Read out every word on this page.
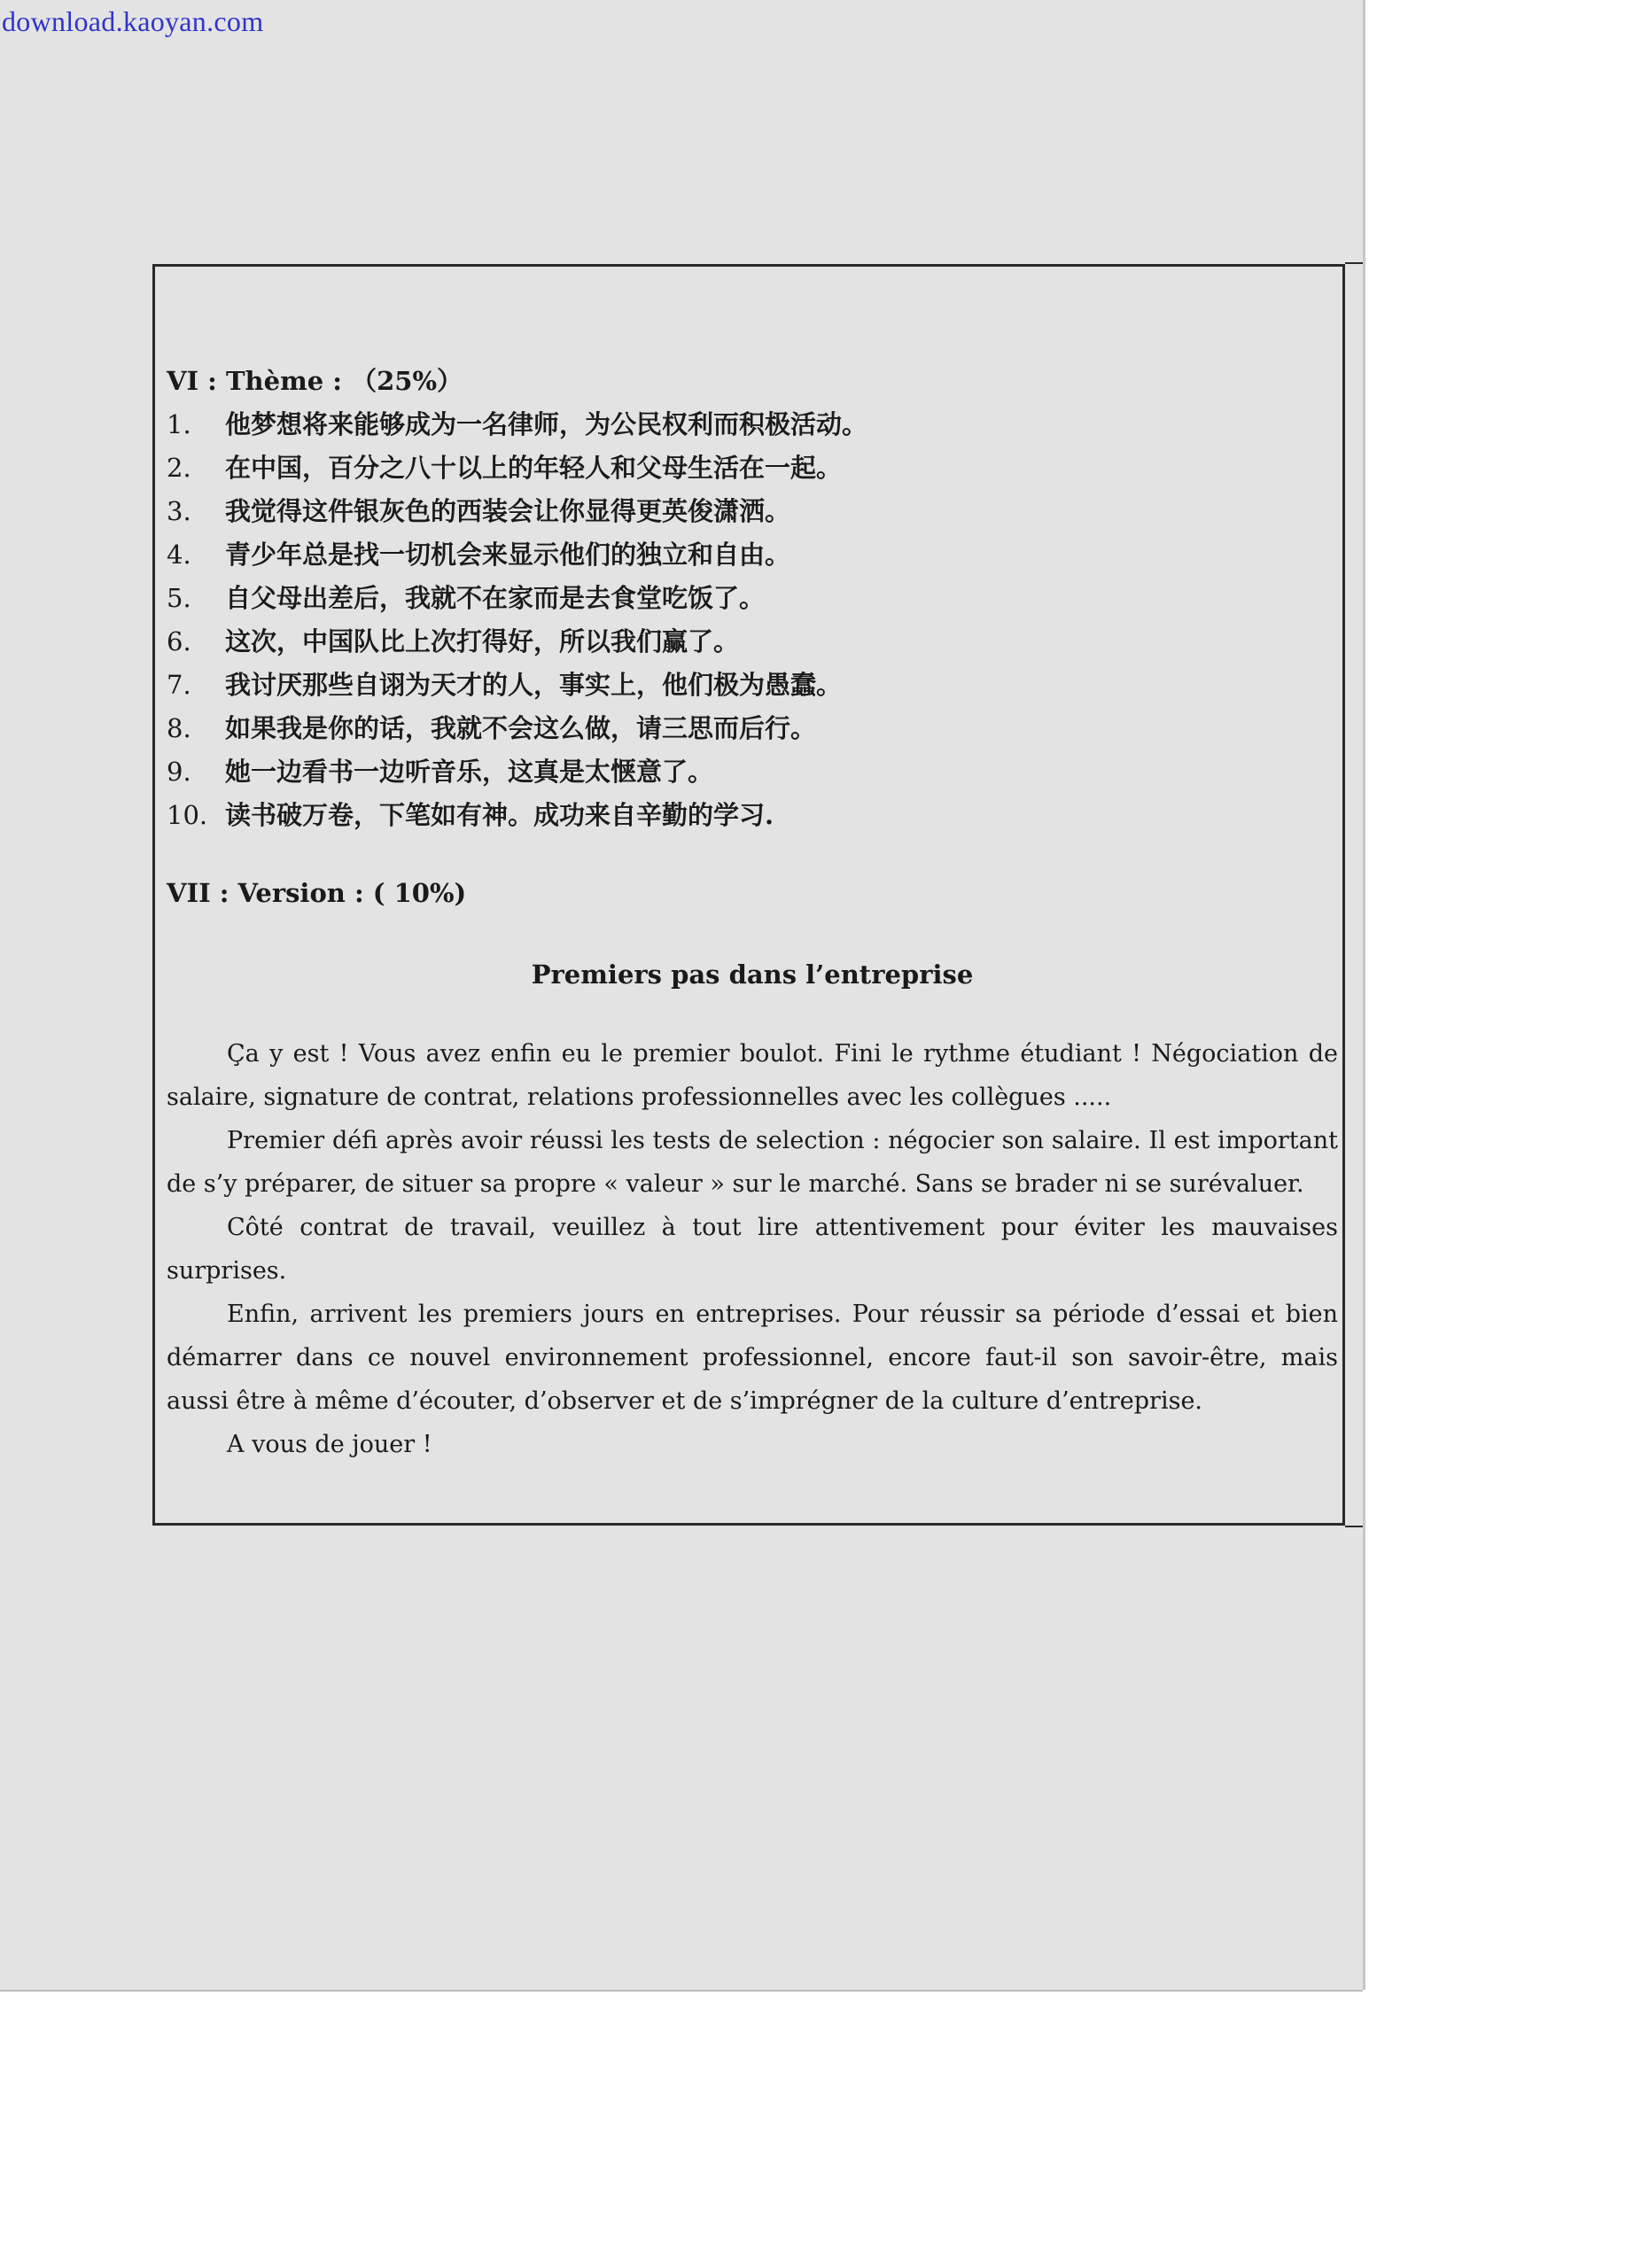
download.kaoyan.com
VI : Thème : （25%）
1.	他梦想将来能够成为一名律师，为公民权利而积极活动。
2.	在中国，百分之八十以上的年轻人和父母生活在一起。
3.	我觉得这件银灰色的西装会让你显得更英俊潇洒。
4.	青少年总是找一切机会来显示他们的独立和自由。
5.	自父母出差后，我就不在家而是去食堂吃饭了。
6.	这次，中国队比上次打得好，所以我们赢了。
7.	我讨厌那些自诩为天才的人，事实上，他们极为愚蠢。
8.	如果我是你的话，我就不会这么做，请三思而后行。
9.	她一边看书一边听音乐，这真是太惬意了。
10. 读书破万卷，下笔如有神。成功来自辛勤的学习.
VII : Version : ( 10%)
Premiers pas dans l’entreprise

Ça y est ! Vous avez enfin eu le premier boulot. Fini le rythme étudiant ! Négociation de salaire, signature de contrat, relations professionnelles avec les collègues .....

Premier défi après avoir réussi les tests de selection : négocier son salaire. Il est important de s’y préparer, de situer sa propre « valeur » sur le marché. Sans se brader ni se surévaluer.

Côté contrat de travail, veuillez à tout lire attentivement pour éviter les mauvaises surprises.

Enfin, arrivent les premiers jours en entreprises. Pour réussir sa période d’essai et bien démarrer dans ce nouvel environnement professionnel, encore faut-il son savoir-être, mais aussi être à même d’écouter, d’observer et de s’imprégner de la culture d’entreprise.

A vous de jouer !
